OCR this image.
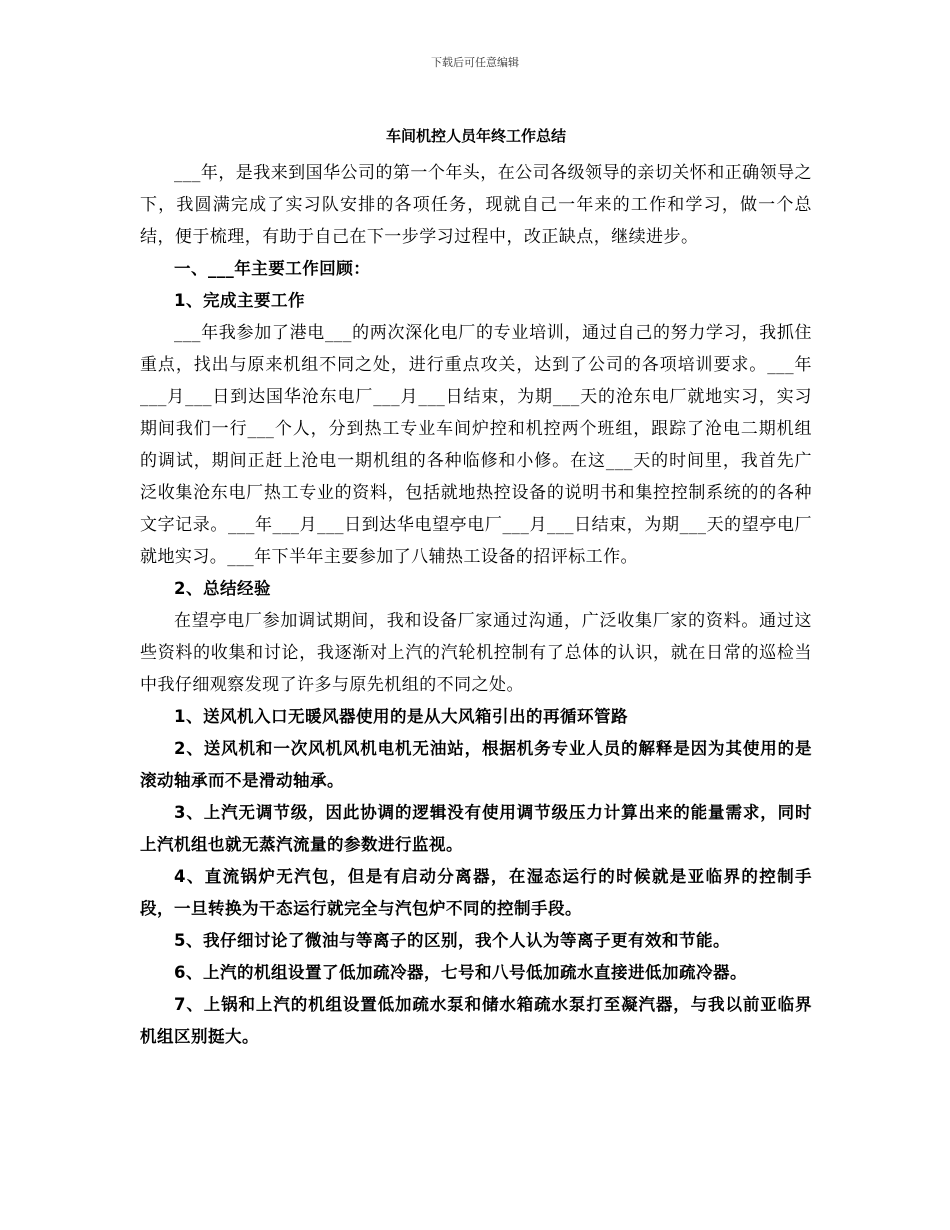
下载后可任意编辑
车间机控人员年终工作总结

___年，是我来到国华公司的第一个年头，在公司各级领导的亲切关怀和正确领导之下，我圆满完成了实习队安排的各项任务，现就自己一年来的工作和学习，做一个总结，便于梳理，有助于自己在下一步学习过程中，改正缺点，继续进步。

一、___年主要工作回顾：

1、完成主要工作

___年我参加了港电___的两次深化电厂的专业培训，通过自己的努力学习，我抓住重点，找出与原来机组不同之处，进行重点攻关，达到了公司的各项培训要求。___年___月___日到达国华沧东电厂___月___日结束，为期___天的沧东电厂就地实习，实习期间我们一行___个人，分到热工专业车间炉控和机控两个班组，跟踪了沧电二期机组的调试，期间正赶上沧电一期机组的各种临修和小修。在这___天的时间里，我首先广泛收集沧东电厂热工专业的资料，包括就地热控设备的说明书和集控控制系统的的各种文字记录。___年___月___日到达华电望亭电厂___月___日结束，为期___天的望亭电厂就地实习。___年下半年主要参加了八辅热工设备的招评标工作。

2、总结经验

在望亭电厂参加调试期间，我和设备厂家通过沟通，广泛收集厂家的资料。通过这些资料的收集和讨论，我逐渐对上汽的汽轮机控制有了总体的认识，就在日常的巡检当中我仔细观察发现了许多与原先机组的不同之处。

1、送风机入口无暖风器使用的是从大风箱引出的再循环管路

2、送风机和一次风机风机电机无油站，根据机务专业人员的解释是因为其使用的是滚动轴承而不是滑动轴承。

3、上汽无调节级，因此协调的逻辑没有使用调节级压力计算出来的能量需求，同时上汽机组也就无蒸汽流量的参数进行监视。

4、直流锅炉无汽包，但是有启动分离器，在湿态运行的时候就是亚临界的控制手段，一旦转换为干态运行就完全与汽包炉不同的控制手段。

5、我仔细讨论了微油与等离子的区别，我个人认为等离子更有效和节能。

6、上汽的机组设置了低加疏冷器，七号和八号低加疏水直接进低加疏冷器。

7、上锅和上汽的机组设置低加疏水泵和储水箱疏水泵打至凝汽器，与我以前亚临界机组区别挺大。
